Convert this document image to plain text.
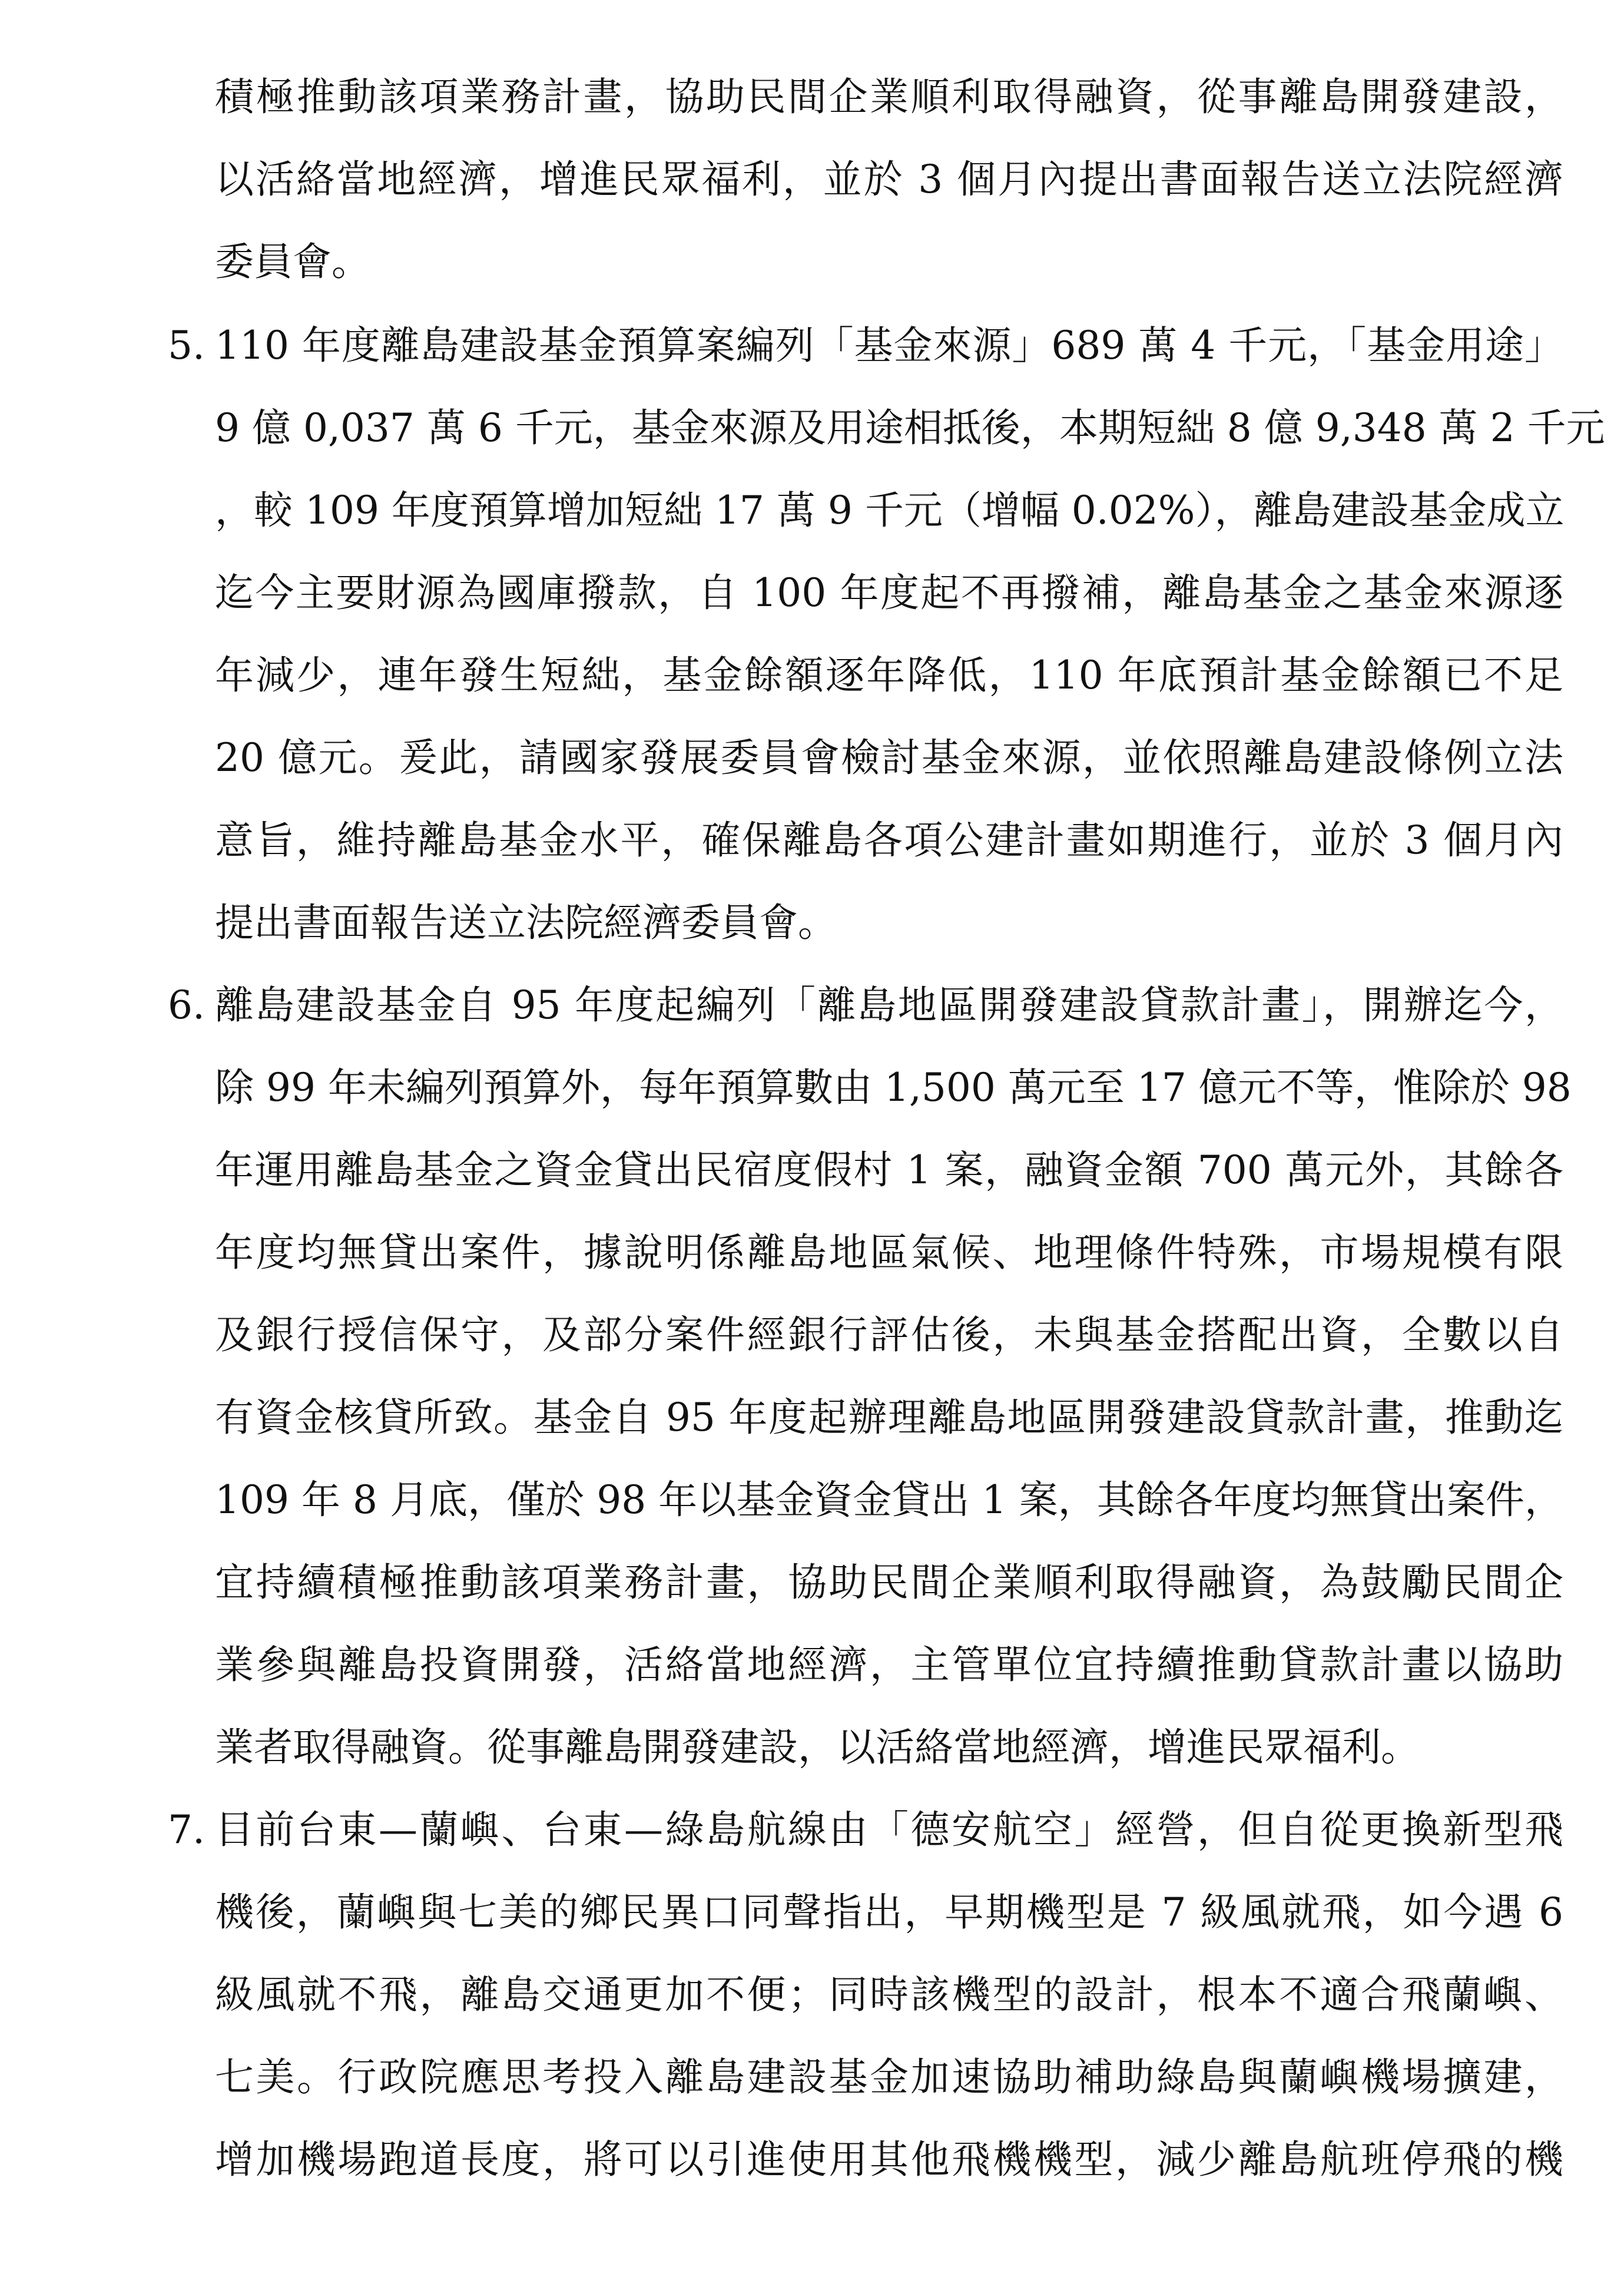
積極推動該項業務計畫，協助民間企業順利取得融資，從事離島開發建設，
以活絡當地經濟，增進民眾福利，並於 3 個月內提出書面報告送立法院經濟
委員會。
5. 110 年度離島建設基金預算案編列「基金來源」689 萬 4 千元，「基金用途」
9 億 0,037 萬 6 千元，基金來源及用途相抵後，本期短絀 8 億 9,348 萬 2 千元
，較 109 年度預算增加短絀 17 萬 9 千元（增幅 0.02%），離島建設基金成立
迄今主要財源為國庫撥款，自 100 年度起不再撥補，離島基金之基金來源逐
年減少，連年發生短絀，基金餘額逐年降低，110 年底預計基金餘額已不足
20 億元。爰此，請國家發展委員會檢討基金來源，並依照離島建設條例立法
意旨，維持離島基金水平，確保離島各項公建計畫如期進行，並於 3 個月內
提出書面報告送立法院經濟委員會。
6. 離島建設基金自 95 年度起編列「離島地區開發建設貸款計畫」，開辦迄今，
除 99 年未編列預算外，每年預算數由 1,500 萬元至 17 億元不等，惟除於 98
年運用離島基金之資金貸出民宿度假村 1 案，融資金額 700 萬元外，其餘各
年度均無貸出案件，據說明係離島地區氣候、地理條件特殊，市場規模有限
及銀行授信保守，及部分案件經銀行評估後，未與基金搭配出資，全數以自
有資金核貸所致。基金自 95 年度起辦理離島地區開發建設貸款計畫，推動迄
109 年 8 月底，僅於 98 年以基金資金貸出 1 案，其餘各年度均無貸出案件，
宜持續積極推動該項業務計畫，協助民間企業順利取得融資，為鼓勵民間企
業參與離島投資開發，活絡當地經濟，主管單位宜持續推動貸款計畫以協助
業者取得融資。從事離島開發建設，以活絡當地經濟，增進民眾福利。
7. 目前台東—蘭嶼、台東—綠島航線由「德安航空」經營，但自從更換新型飛
機後，蘭嶼與七美的鄉民異口同聲指出，早期機型是 7 級風就飛，如今遇 6
級風就不飛，離島交通更加不便；同時該機型的設計，根本不適合飛蘭嶼、
七美。行政院應思考投入離島建設基金加速協助補助綠島與蘭嶼機場擴建，
增加機場跑道長度，將可以引進使用其他飛機機型，減少離島航班停飛的機
